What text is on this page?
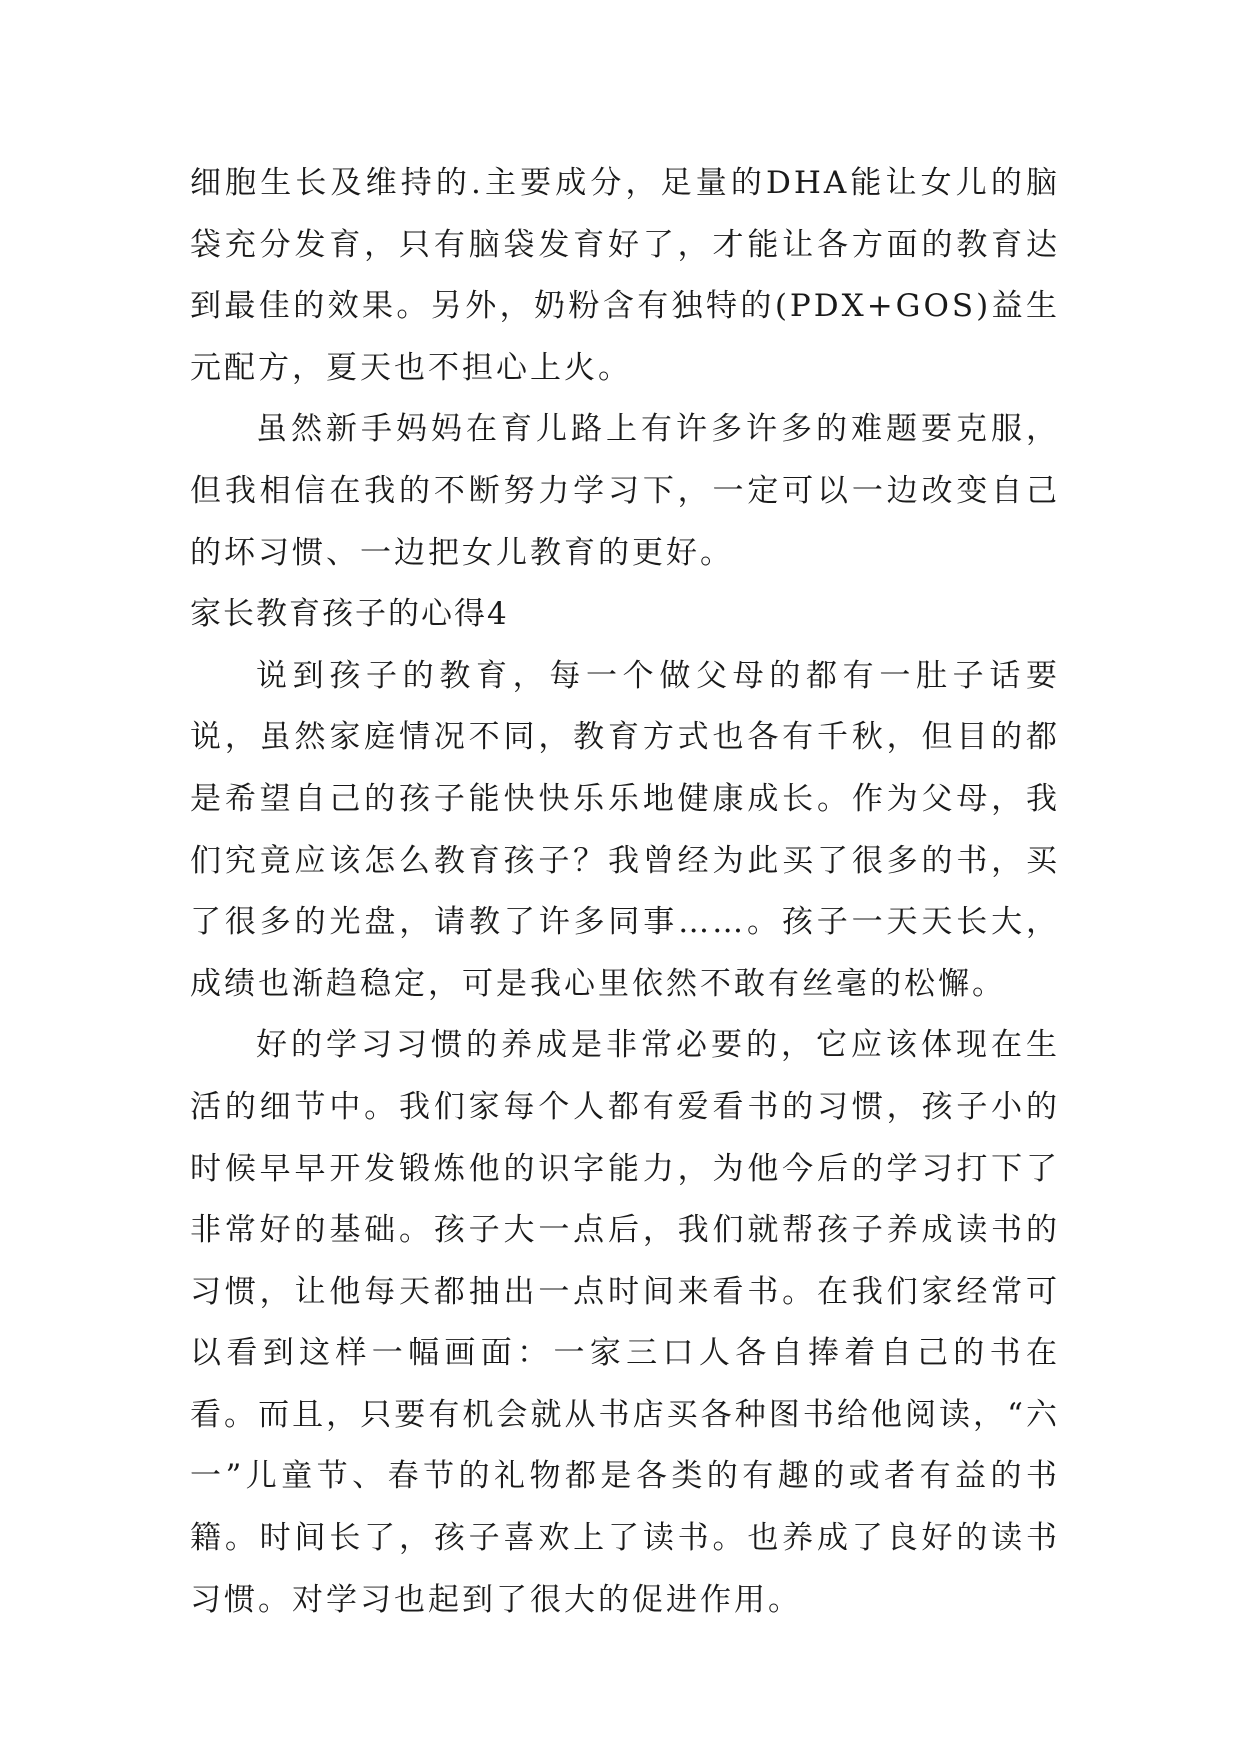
细胞生长及维持的.主要成分，足量的DHA能让女儿的脑袋充分发育，只有脑袋发育好了，才能让各方面的教育达到最佳的效果。另外，奶粉含有独特的(PDX+GOS)益生元配方，夏天也不担心上火。

虽然新手妈妈在育儿路上有许多许多的难题要克服，但我相信在我的不断努力学习下，一定可以一边改变自己的坏习惯、一边把女儿教育的更好。

家长教育孩子的心得4

说到孩子的教育，每一个做父母的都有一肚子话要说，虽然家庭情况不同，教育方式也各有千秋，但目的都是希望自己的孩子能快快乐乐地健康成长。作为父母，我们究竟应该怎么教育孩子？我曾经为此买了很多的书，买了很多的光盘，请教了许多同事……。孩子一天天长大，成绩也渐趋稳定，可是我心里依然不敢有丝毫的松懈。

好的学习习惯的养成是非常必要的，它应该体现在生活的细节中。我们家每个人都有爱看书的习惯，孩子小的时候早早开发锻炼他的识字能力，为他今后的学习打下了非常好的基础。孩子大一点后，我们就帮孩子养成读书的习惯，让他每天都抽出一点时间来看书。在我们家经常可以看到这样一幅画面：一家三口人各自捧着自己的书在看。而且，只要有机会就从书店买各种图书给他阅读，“六一”儿童节、春节的礼物都是各类的有趣的或者有益的书籍。时间长了，孩子喜欢上了读书。也养成了良好的读书习惯。对学习也起到了很大的促进作用。
